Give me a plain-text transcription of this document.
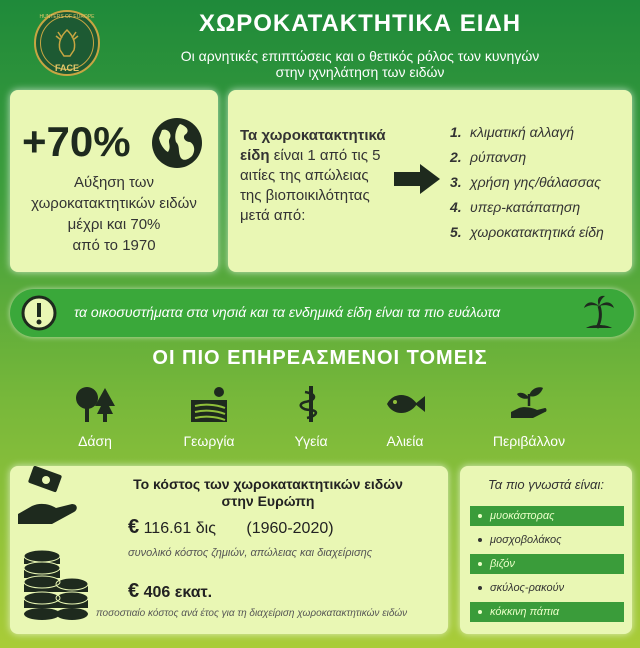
HUNTERS OF EUROPE
FACE
ΧΩΡΟΚΑΤΑΚΤΗΤΙΚΑ ΕΙΔΗ
Οι αρνητικές επιπτώσεις και ο θετικός ρόλος των κυνηγών
στην ιχνηλάτηση των ειδών
+70%
Αύξηση των
χωροκατακτητικών ειδών
μέχρι και 70%
από το 1970
Τα χωροκατακτητικά
είδη είναι 1 από τις 5
αιτίες της απώλειας
της βιοποικιλότητας
μετά από:
1. κλιματική αλλαγή
2. ρύπανση
3. χρήση γης/θάλασσας
4. υπερ-κατάπατηση
5. χωροκατακτητικά είδη
τα οικοσυστήματα στα νησιά και τα ενδημικά είδη είναι τα πιο ευάλωτα
ΟΙ ΠΙΟ ΕΠΗΡΕΑΣΜΕΝΟΙ ΤΟΜΕΙΣ
Δάση	Γεωργία	Υγεία	Αλιεία	Περιβάλλον
Το κόστος των χωροκατακτητικών ειδών
στην Ευρώπη
€ 116.61 δις (1960-2020)
συνολικό κόστος ζημιών, απώλειας και διαχείρισης
€ 406 εκατ.
ποσοστιαίο κόστος ανά έτος για τη διαχείριση χωροκατακτητικών ειδών
Τα πιο γνωστά είναι:
μυοκάστορας
μοσχοβολάκος
βιζόν
σκύλος-ρακούν
κόκκινη πάπια
